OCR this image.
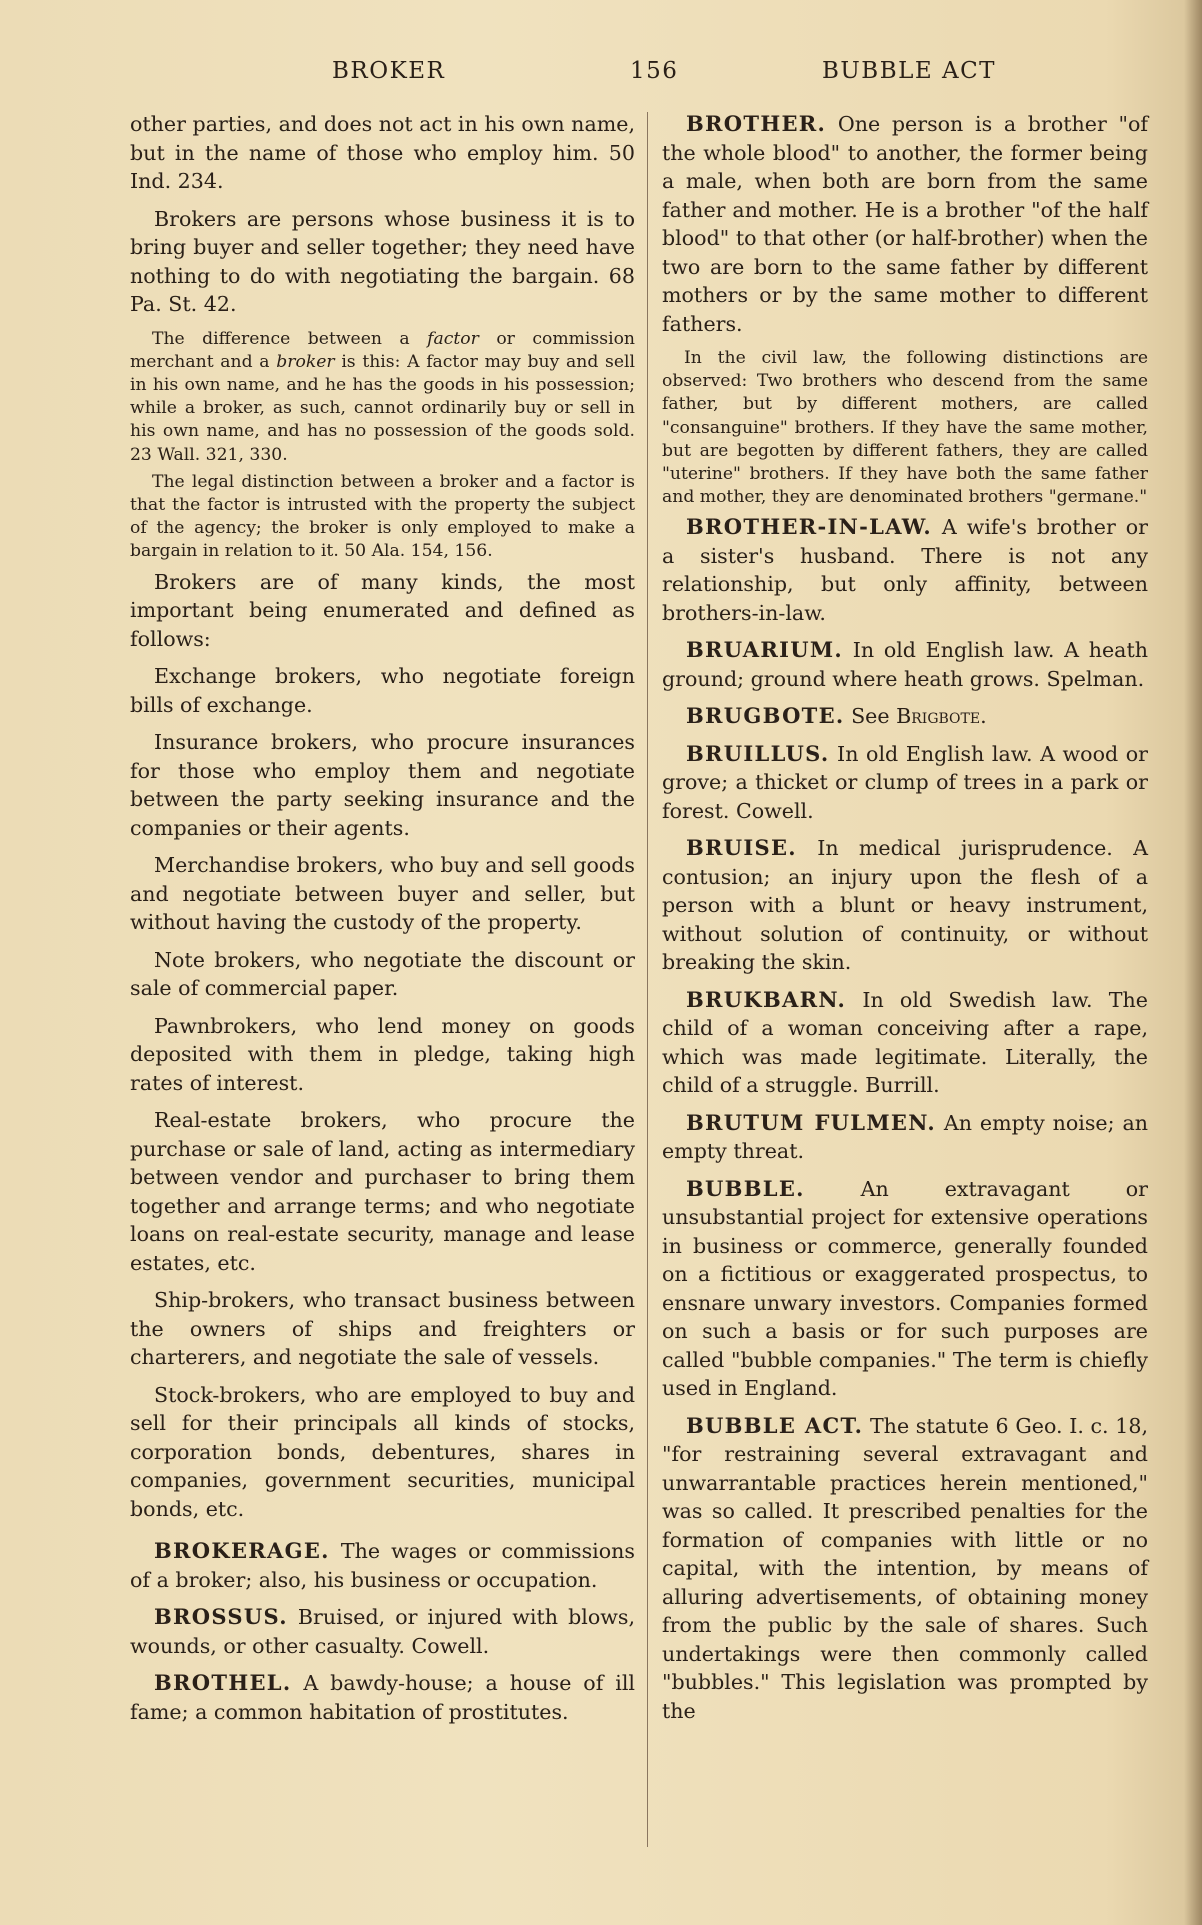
BROKER	156	BUBBLE ACT

other parties, and does not act in his own name, but in the name of those who employ him. 50 Ind. 234.

Brokers are persons whose business it is to bring buyer and seller together; they need have nothing to do with negotiating the bargain. 68 Pa. St. 42.

The difference between a factor or commission merchant and a broker is this: A factor may buy and sell in his own name, and he has the goods in his possession; while a broker, as such, cannot ordinarily buy or sell in his own name, and has no possession of the goods sold. 23 Wall. 321, 330.

The legal distinction between a broker and a factor is that the factor is intrusted with the property the subject of the agency; the broker is only employed to make a bargain in relation to it. 50 Ala. 154, 156.

Brokers are of many kinds, the most important being enumerated and defined as follows:

Exchange brokers, who negotiate foreign bills of exchange.

Insurance brokers, who procure insurances for those who employ them and negotiate between the party seeking insurance and the companies or their agents.

Merchandise brokers, who buy and sell goods and negotiate between buyer and seller, but without having the custody of the property.

Note brokers, who negotiate the discount or sale of commercial paper.

Pawnbrokers, who lend money on goods deposited with them in pledge, taking high rates of interest.

Real-estate brokers, who procure the purchase or sale of land, acting as intermediary between vendor and purchaser to bring them together and arrange terms; and who negotiate loans on real-estate security, manage and lease estates, etc.

Ship-brokers, who transact business between the owners of ships and freighters or charterers, and negotiate the sale of vessels.

Stock-brokers, who are employed to buy and sell for their principals all kinds of stocks, corporation bonds, debentures, shares in companies, government securities, municipal bonds, etc.

BROKERAGE. The wages or commissions of a broker; also, his business or occupation.

BROSSUS. Bruised, or injured with blows, wounds, or other casualty. Cowell.

BROTHEL. A bawdy-house; a house of ill fame; a common habitation of prostitutes.

BROTHER. One person is a brother "of the whole blood" to another, the former being a male, when both are born from the same father and mother. He is a brother "of the half blood" to that other (or half-brother) when the two are born to the same father by different mothers or by the same mother to different fathers.

In the civil law, the following distinctions are observed: Two brothers who descend from the same father, but by different mothers, are called "consanguine" brothers. If they have the same mother, but are begotten by different fathers, they are called "uterine" brothers. If they have both the same father and mother, they are denominated brothers "germane."

BROTHER-IN-LAW. A wife's brother or a sister's husband. There is not any relationship, but only affinity, between brothers-in-law.

BRUARIUM. In old English law. A heath ground; ground where heath grows. Spelman.

BRUGBOTE. See Brigbote.

BRUILLUS. In old English law. A wood or grove; a thicket or clump of trees in a park or forest. Cowell.

BRUISE. In medical jurisprudence. A contusion; an injury upon the flesh of a person with a blunt or heavy instrument, without solution of continuity, or without breaking the skin.

BRUKBARN. In old Swedish law. The child of a woman conceiving after a rape, which was made legitimate. Literally, the child of a struggle. Burrill.

BRUTUM FULMEN. An empty noise; an empty threat.

BUBBLE. An extravagant or unsubstantial project for extensive operations in business or commerce, generally founded on a fictitious or exaggerated prospectus, to ensnare unwary investors. Companies formed on such a basis or for such purposes are called "bubble companies." The term is chiefly used in England.

BUBBLE ACT. The statute 6 Geo. I. c. 18, "for restraining several extravagant and unwarrantable practices herein mentioned," was so called. It prescribed penalties for the formation of companies with little or no capital, with the intention, by means of alluring advertisements, of obtaining money from the public by the sale of shares. Such undertakings were then commonly called "bubbles." This legislation was prompted by the
